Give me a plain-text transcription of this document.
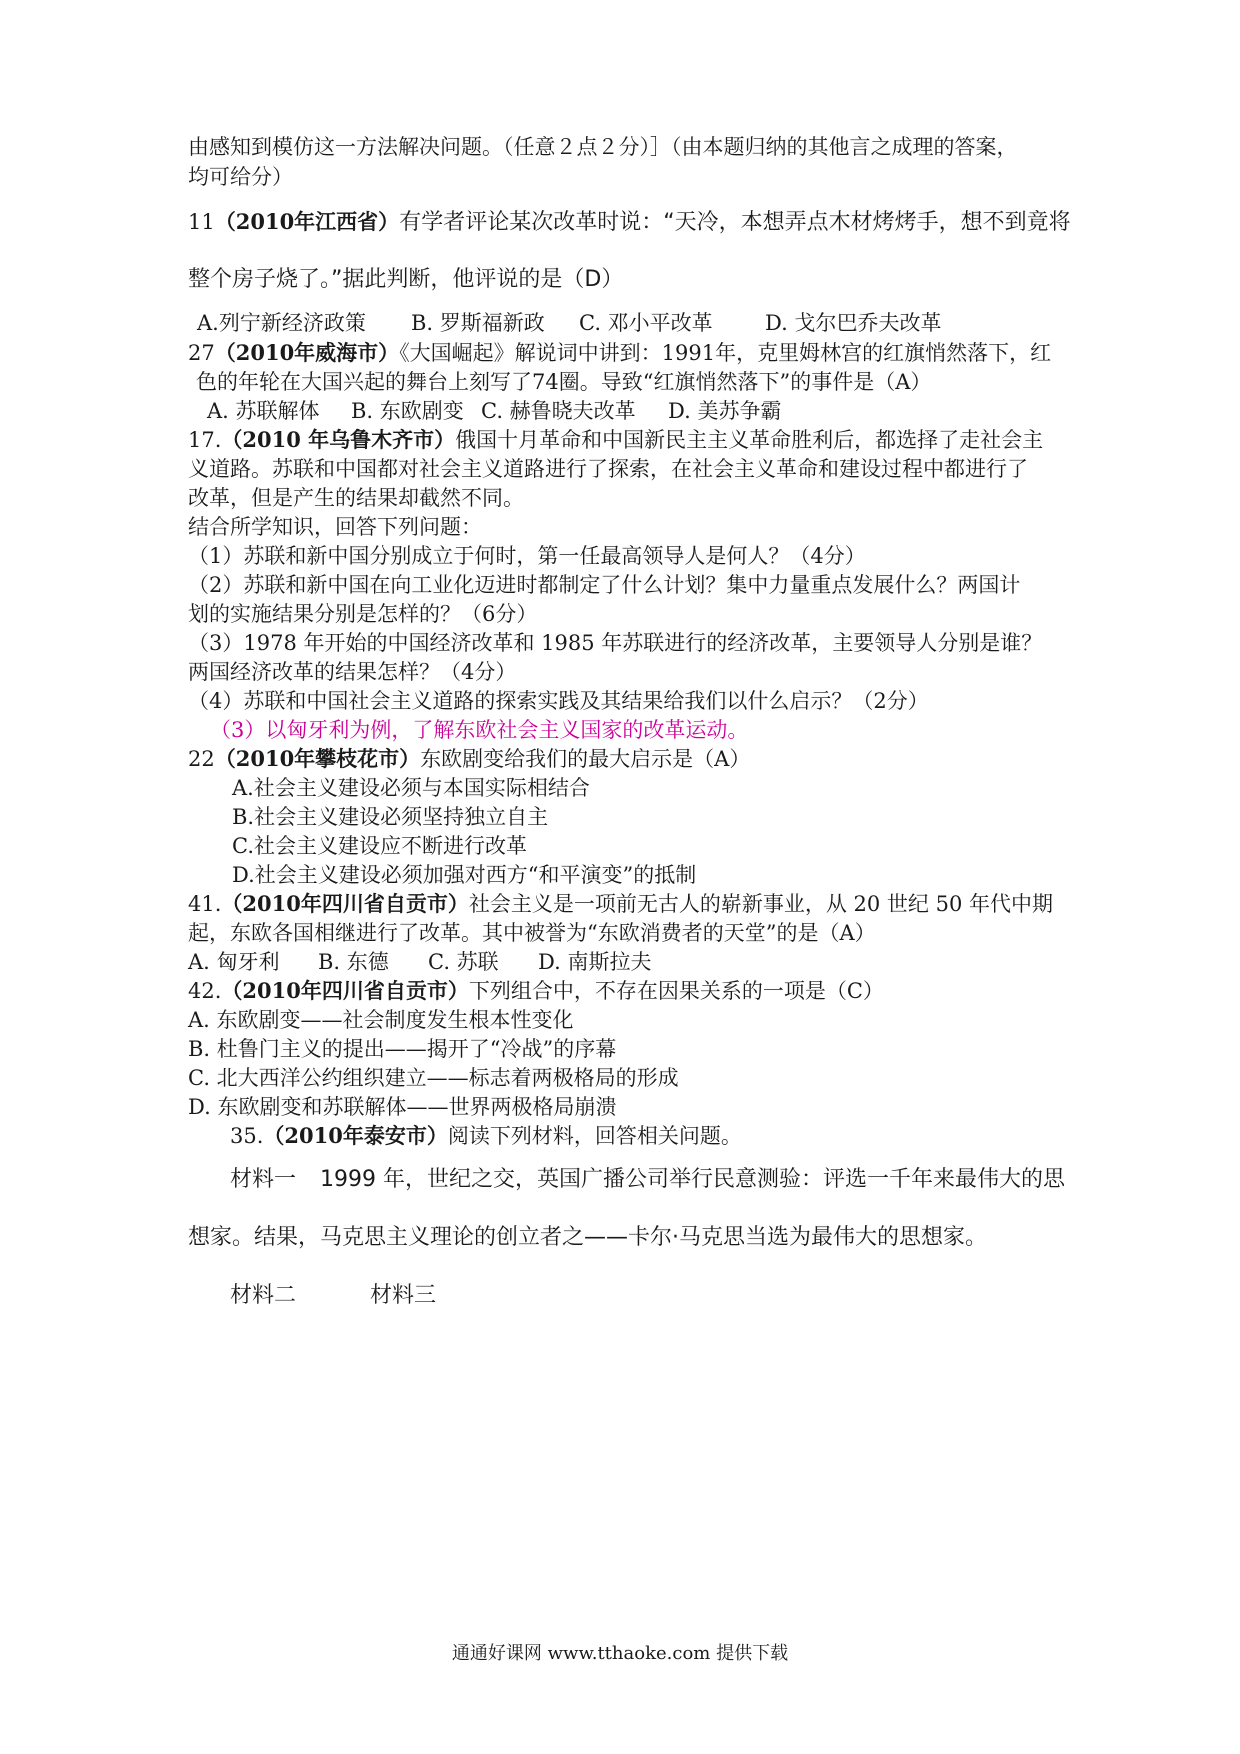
由感知到模仿这一方法解决问题。（任意２点２分）］（由本题归纳的其他言之成理的答案，
均可给分）
11（2010年江西省）有学者评论某次改革时说：“天冷，本想弄点木材烤烤手，想不到竟将
整个房子烧了。”据此判断，他评说的是（D）
A.列宁新经济政策 B. 罗斯福新政 C. 邓小平改革 D. 戈尔巴乔夫改革
27（2010年威海市）《大国崛起》解说词中讲到：1991年，克里姆林宫的红旗悄然落下，红
色的年轮在大国兴起的舞台上刻写了74圈。导致“红旗悄然落下”的事件是（A）
A. 苏联解体 B. 东欧剧变 C. 赫鲁晓夫改革 D. 美苏争霸
17.（2010 年乌鲁木齐市）俄国十月革命和中国新民主主义革命胜利后，都选择了走社会主
义道路。苏联和中国都对社会主义道路进行了探索，在社会主义革命和建设过程中都进行了
改革，但是产生的结果却截然不同。
结合所学知识，回答下列问题：
（1）苏联和新中国分别成立于何时，第一任最高领导人是何人？（4分）
（2）苏联和新中国在向工业化迈进时都制定了什么计划？集中力量重点发展什么？两国计
划的实施结果分别是怎样的？（6分）
（3）1978 年开始的中国经济改革和 1985 年苏联进行的经济改革，主要领导人分别是谁？
两国经济改革的结果怎样？（4分）
（4）苏联和中国社会主义道路的探索实践及其结果给我们以什么启示？（2分）
（3）以匈牙利为例，了解东欧社会主义国家的改革运动。
22（2010年攀枝花市）东欧剧变给我们的最大启示是（A）
A.社会主义建设必须与本国实际相结合
B.社会主义建设必须坚持独立自主
C.社会主义建设应不断进行改革
D.社会主义建设必须加强对西方“和平演变”的抵制
41.（2010年四川省自贡市）社会主义是一项前无古人的崭新事业，从 20 世纪 50 年代中期
起，东欧各国相继进行了改革。其中被誉为“东欧消费者的天堂”的是（A）
A. 匈牙利 B. 东德 C. 苏联 D. 南斯拉夫
42.（2010年四川省自贡市）下列组合中，不存在因果关系的一项是（C）
A. 东欧剧变——社会制度发生根本性变化
B. 杜鲁门主义的提出——揭开了“冷战”的序幕
C. 北大西洋公约组织建立——标志着两极格局的形成
D. 东欧剧变和苏联解体——世界两极格局崩溃
35.（2010年泰安市）阅读下列材料，回答相关问题。
材料一 1999 年，世纪之交，英国广播公司举行民意测验：评选一千年来最伟大的思
想家。结果，马克思主义理论的创立者之——卡尔·马克思当选为最伟大的思想家。
材料二	材料三
通通好课网 www.tthaoke.com 提供下载
